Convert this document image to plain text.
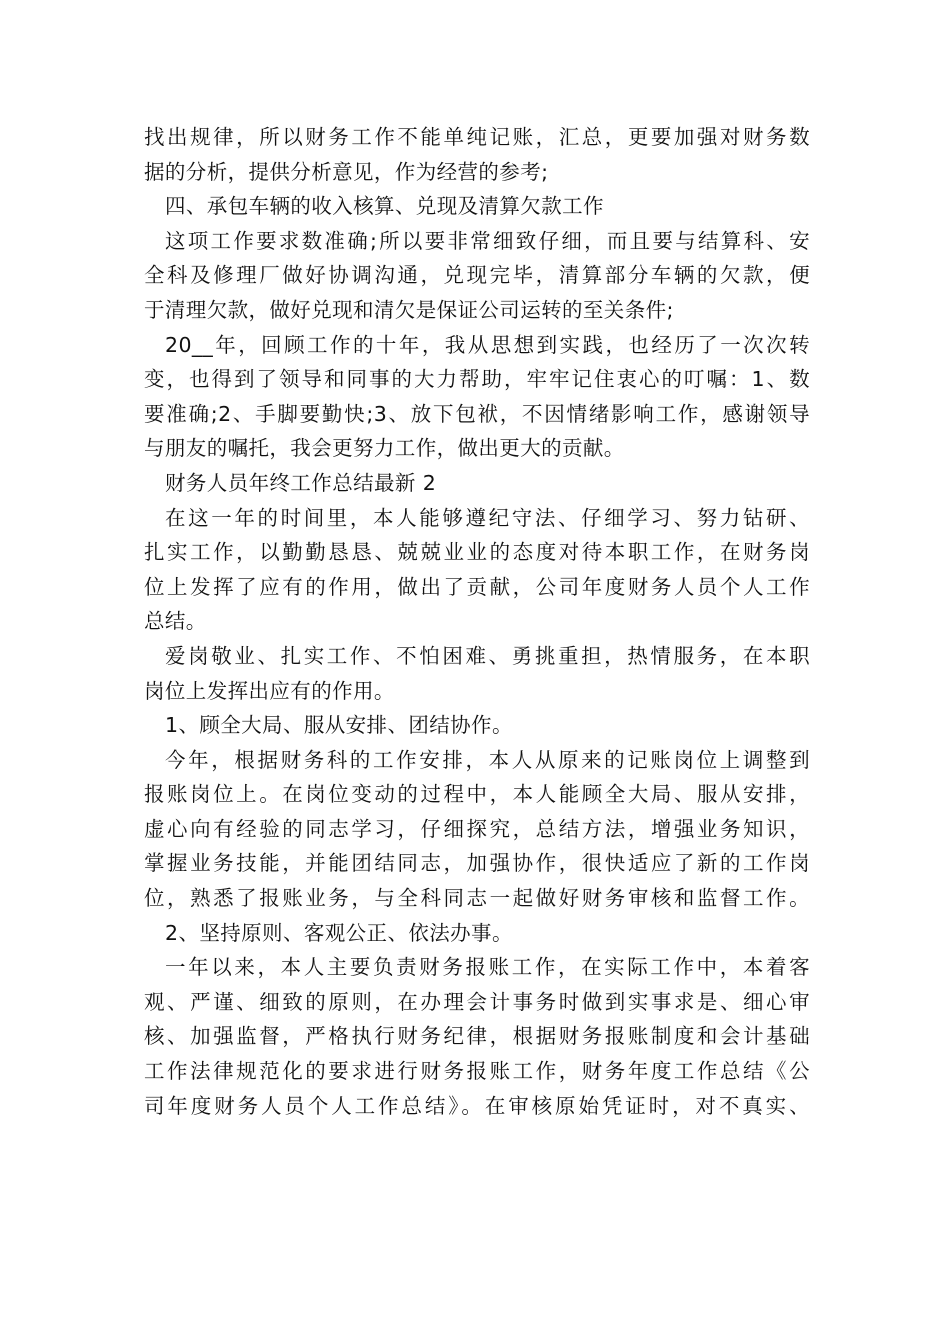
找出规律，所以财务工作不能单纯记账，汇总，更要加强对财务数
据的分析，提供分析意见，作为经营的参考;
四、承包车辆的收入核算、兑现及清算欠款工作
这项工作要求数准确;所以要非常细致仔细，而且要与结算科、安
全科及修理厂做好协调沟通，兑现完毕，清算部分车辆的欠款，便
于清理欠款，做好兑现和清欠是保证公司运转的至关条件;
20__年，回顾工作的十年，我从思想到实践，也经历了一次次转
变，也得到了领导和同事的大力帮助，牢牢记住衷心的叮嘱：1、数
要准确;2、手脚要勤快;3、放下包袱，不因情绪影响工作，感谢领导
与朋友的嘱托，我会更努力工作，做出更大的贡献。
财务人员年终工作总结最新 2
在这一年的时间里，本人能够遵纪守法、仔细学习、努力钻研、
扎实工作，以勤勤恳恳、兢兢业业的态度对待本职工作，在财务岗
位上发挥了应有的作用，做出了贡献，公司年度财务人员个人工作
总结。
爱岗敬业、扎实工作、不怕困难、勇挑重担，热情服务，在本职
岗位上发挥出应有的作用。
1、顾全大局、服从安排、团结协作。
今年，根据财务科的工作安排，本人从原来的记账岗位上调整到
报账岗位上。在岗位变动的过程中，本人能顾全大局、服从安排，
虚心向有经验的同志学习，仔细探究，总结方法，增强业务知识，
掌握业务技能，并能团结同志，加强协作，很快适应了新的工作岗
位，熟悉了报账业务，与全科同志一起做好财务审核和监督工作。
2、坚持原则、客观公正、依法办事。
一年以来，本人主要负责财务报账工作，在实际工作中，本着客
观、严谨、细致的原则，在办理会计事务时做到实事求是、细心审
核、加强监督，严格执行财务纪律，根据财务报账制度和会计基础
工作法律规范化的要求进行财务报账工作，财务年度工作总结《公
司年度财务人员个人工作总结》。在审核原始凭证时，对不真实、
